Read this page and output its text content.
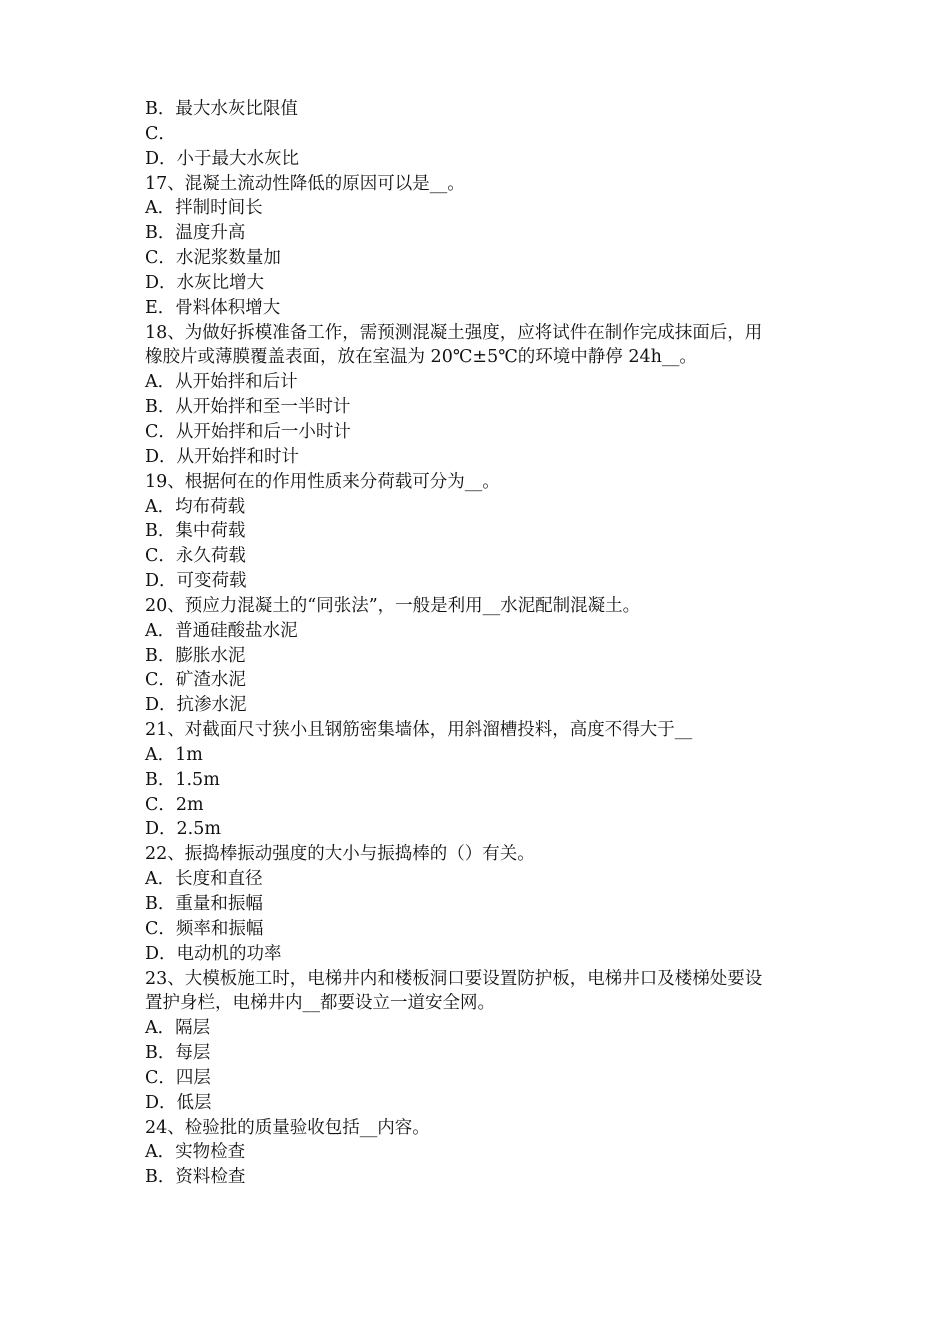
B．最大水灰比限值
C．
D．小于最大水灰比
17、混凝土流动性降低的原因可以是__。
A．拌制时间长
B．温度升高
C．水泥浆数量加
D．水灰比增大
E．骨料体积增大
18、为做好拆模准备工作，需预测混凝土强度，应将试件在制作完成抹面后，用
橡胶片或薄膜覆盖表面，放在室温为 20℃±5℃的环境中静停 24h__。
A．从开始拌和后计
B．从开始拌和至一半时计
C．从开始拌和后一小时计
D．从开始拌和时计
19、根据何在的作用性质来分荷载可分为__。
A．均布荷载
B．集中荷载
C．永久荷载
D．可变荷载
20、预应力混凝土的“同张法”，一般是利用__水泥配制混凝土。
A．普通硅酸盐水泥
B．膨胀水泥
C．矿渣水泥
D．抗渗水泥
21、对截面尺寸狭小且钢筋密集墙体，用斜溜槽投料，高度不得大于__
A．1m
B．1.5m
C．2m
D．2.5m
22、振捣棒振动强度的大小与振捣棒的（）有关。
A．长度和直径
B．重量和振幅
C．频率和振幅
D．电动机的功率
23、大模板施工时，电梯井内和楼板洞口要设置防护板，电梯井口及楼梯处要设
置护身栏，电梯井内__都要设立一道安全网。
A．隔层
B．每层
C．四层
D．低层
24、检验批的质量验收包括__内容。
A．实物检查
B．资料检查
